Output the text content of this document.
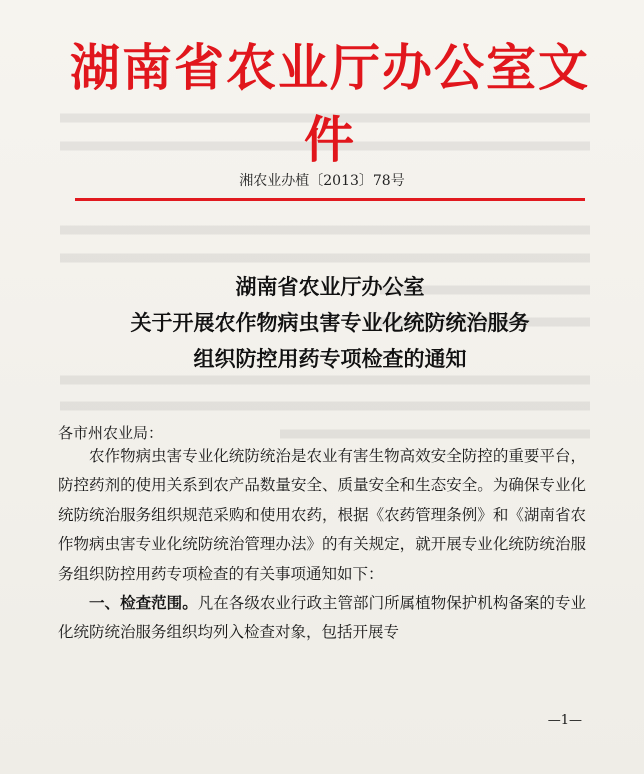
湖南省农业厅办公室文件
湘农业办植〔2013〕78号
湖南省农业厅办公室
关于开展农作物病虫害专业化统防统治服务
组织防控用药专项检查的通知
各市州农业局：

农作物病虫害专业化统防统治是农业有害生物高效安全防控的重要平台，防控药剂的使用关系到农产品数量安全、质量安全和生态安全。为确保专业化统防统治服务组织规范采购和使用农药，根据《农药管理条例》和《湖南省农作物病虫害专业化统防统治管理办法》的有关规定，就开展专业化统防统治服务组织防控用药专项检查的有关事项通知如下：

一、检查范围。凡在各级农业行政主管部门所属植物保护机构备案的专业化统防统治服务组织均列入检查对象，包括开展专

—1—
